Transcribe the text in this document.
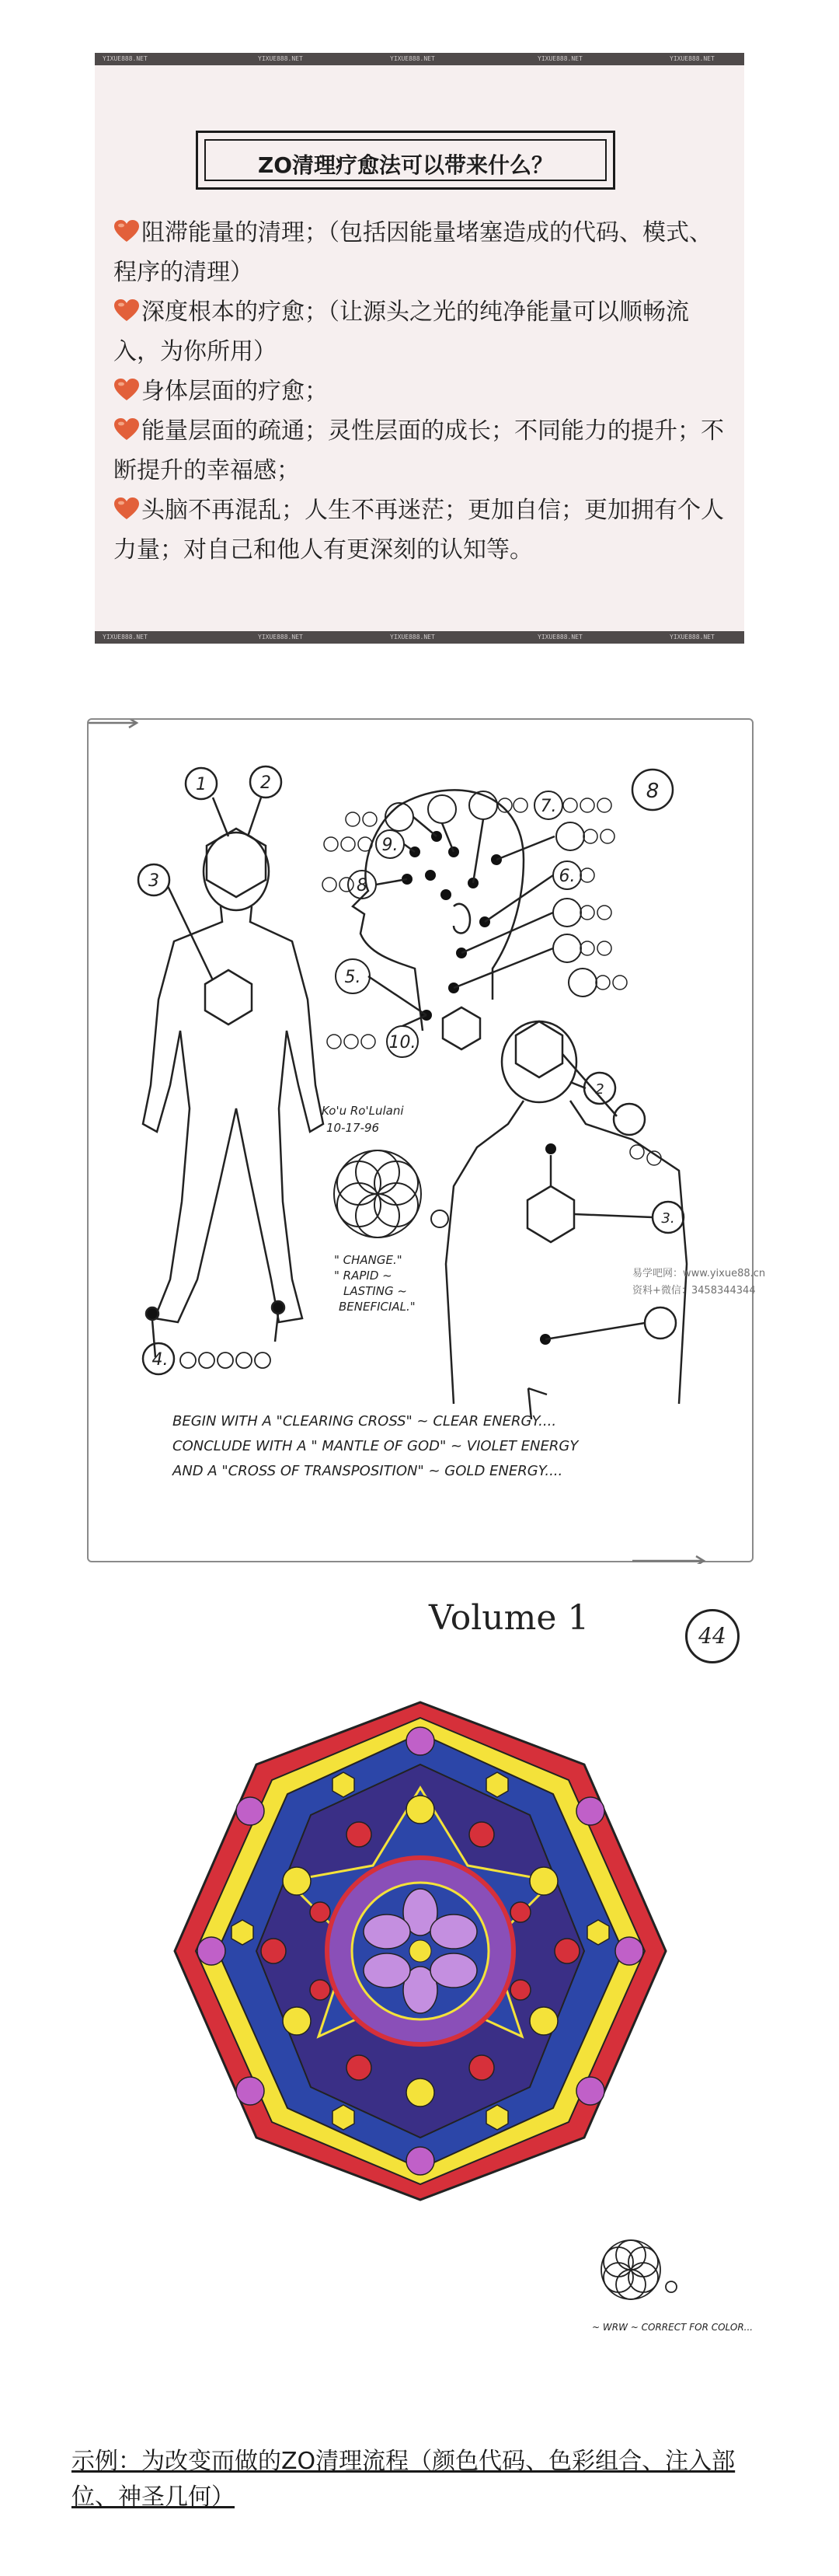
YIXUE888.NET	YIXUE888.NET	YIXUE888.NET	YIXUE888.NET	YIXUE888.NET
ZO清理疗愈法可以带来什么？

阻滞能量的清理；（包括因能量堵塞造成的代码、模式、程序的清理）

深度根本的疗愈；（让源头之光的纯净能量可以顺畅流入，为你所用）

身体层面的疗愈；

能量层面的疏通；灵性层面的成长；不同能力的提升；不断提升的幸福感；

头脑不再混乱；人生不再迷茫；更加自信；更加拥有个人力量；对自己和他人有更深刻的认知等。

YIXUE888.NET	YIXUE888.NET	YIXUE888.NET	YIXUE888.NET	YIXUE888.NET
8
1	2
3
4.
5.
6.
7.
8
9.
10.
2
3.
Ko'u Ro'Lulani
10-17-96
" CHANGE."
" RAPID ~
LASTING ~
BENEFICIAL."
BEGIN WITH A "CLEARING CROSS" ~ CLEAR ENERGY....
CONCLUDE WITH A " MANTLE OF GOD" ~ VIOLET ENERGY
AND A "CROSS OF TRANSPOSITION" ~ GOLD ENERGY....
易学吧网：www.yixue88.cn
资料+微信：3458344344
Volume 1	44
~ WRW ~ CORRECT FOR COLOR...
示例：为改变而做的ZO清理流程（颜色代码、色彩组合、注入部位、神圣几何）
